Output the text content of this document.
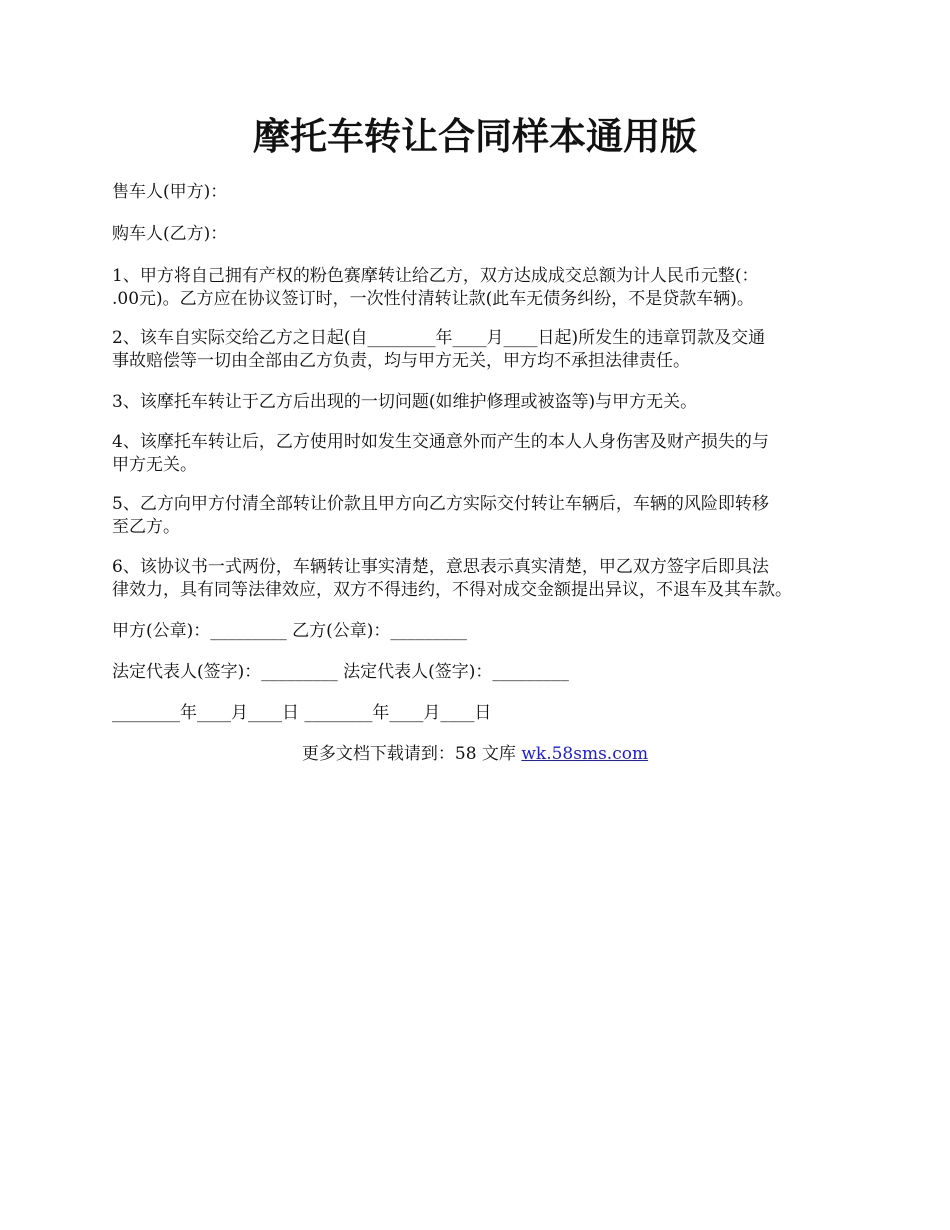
摩托车转让合同样本通用版
售车人(甲方)：
购车人(乙方)：
1、甲方将自己拥有产权的粉色赛摩转让给乙方，双方达成成交总额为计人民币元整(：
.00元)。乙方应在协议签订时，一次性付清转让款(此车无债务纠纷，不是贷款车辆)。
2、该车自实际交给乙方之日起(自________年____月____日起)所发生的违章罚款及交通
事故赔偿等一切由全部由乙方负责，均与甲方无关，甲方均不承担法律责任。
3、该摩托车转让于乙方后出现的一切问题(如维护修理或被盗等)与甲方无关。
4、该摩托车转让后，乙方使用时如发生交通意外而产生的本人人身伤害及财产损失的与
甲方无关。
5、乙方向甲方付清全部转让价款且甲方向乙方实际交付转让车辆后，车辆的风险即转移
至乙方。
6、该协议书一式两份，车辆转让事实清楚，意思表示真实清楚，甲乙双方签字后即具法
律效力，具有同等法律效应，双方不得违约，不得对成交金额提出异议，不退车及其车款。
甲方(公章)：_________ 乙方(公章)：_________
法定代表人(签字)：_________ 法定代表人(签字)：_________
________年____月____日 ________年____月____日
更多文档下载请到：58 文库 wk.58sms.com
